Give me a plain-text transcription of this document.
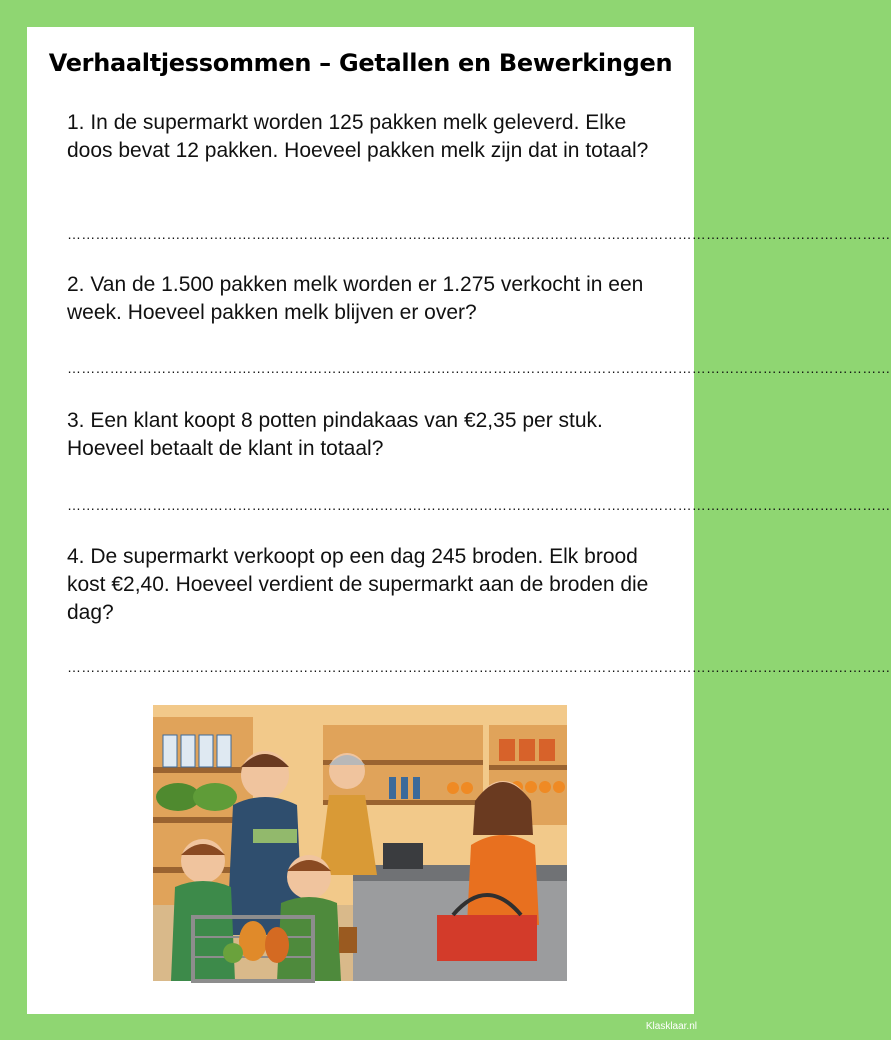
Verhaaltjessommen – Getallen en Bewerkingen
1. In de supermarkt worden 125 pakken melk geleverd. Elke doos bevat 12 pakken. Hoeveel pakken melk zijn dat in totaal?
…………………………………………………………………………………………………………………………………………………………
2. Van de 1.500 pakken melk worden er 1.275 verkocht in een week. Hoeveel pakken melk blijven er over?
…………………………………………………………………………………………………………………………………………………………
3. Een klant koopt 8 potten pindakaas van €2,35 per stuk. Hoeveel betaalt de klant in totaal?
…………………………………………………………………………………………………………………………………………………………
4. De supermarkt verkoopt op een dag 245 broden. Elk brood kost €2,40. Hoeveel verdient de supermarkt aan de broden die dag?
…………………………………………………………………………………………………………………………………………………………
Klasklaar.nl
